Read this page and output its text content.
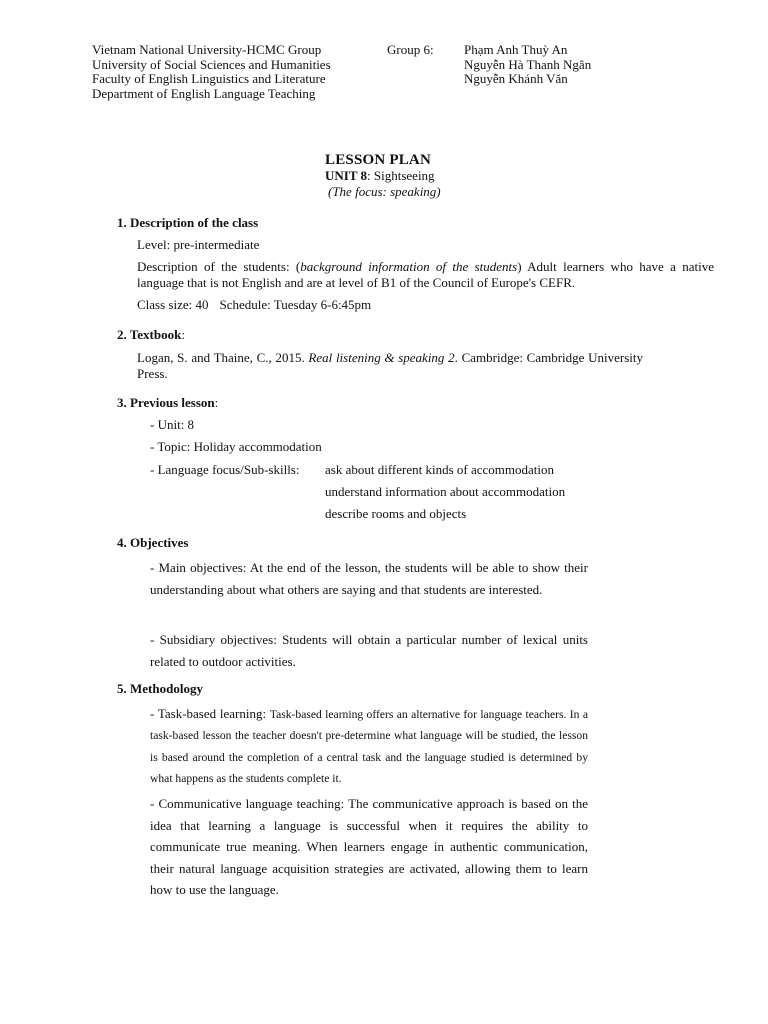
Vietnam National University-HCMC Group
University of Social Sciences and Humanities
Faculty of English Linguistics and Literature
Department of English Language Teaching
Group 6: Phạm Anh Thuỳ An
Nguyễn Hà Thanh Ngân
Nguyễn Khánh Văn
LESSON PLAN
UNIT 8: Sightseeing
(The focus: speaking)
1. Description of the class
Level: pre-intermediate
Description of the students: (background information of the students) Adult learners who have a native language that is not English and are at level of B1 of the Council of Europe's CEFR.
Class size: 40 Schedule: Tuesday 6-6:45pm
2. Textbook:
Logan, S. and Thaine, C., 2015. Real listening & speaking 2. Cambridge: Cambridge University Press.
3. Previous lesson:
- Unit: 8
- Topic: Holiday accommodation
- Language focus/Sub-skills: ask about different kinds of accommodation
understand information about accommodation
describe rooms and objects
4. Objectives
- Main objectives: At the end of the lesson, the students will be able to show their understanding about what others are saying and that students are interested.
- Subsidiary objectives: Students will obtain a particular number of lexical units related to outdoor activities.
5. Methodology
- Task-based learning: Task-based learning offers an alternative for language teachers. In a task-based lesson the teacher doesn't pre-determine what language will be studied, the lesson is based around the completion of a central task and the language studied is determined by what happens as the students complete it.
- Communicative language teaching: The communicative approach is based on the idea that learning a language is successful when it requires the ability to communicate true meaning. When learners engage in authentic communication, their natural language acquisition strategies are activated, allowing them to learn how to use the language.
